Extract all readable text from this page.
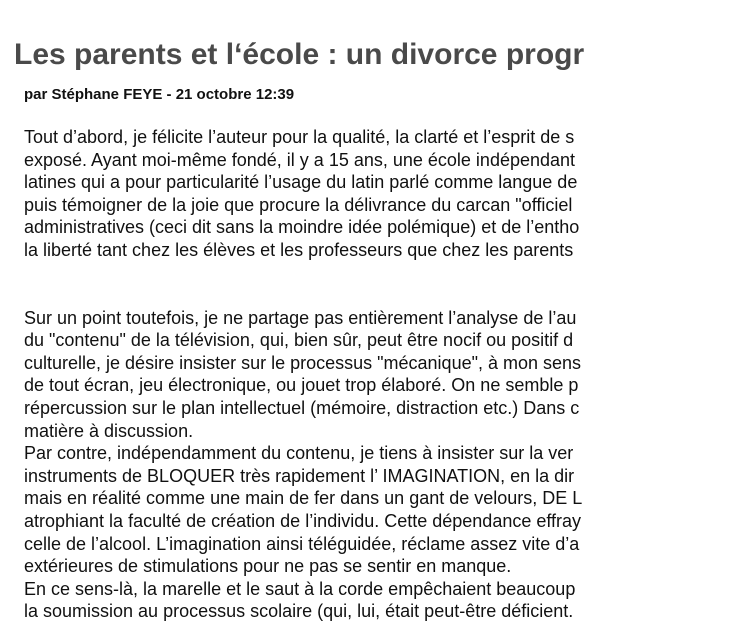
Les parents et l‘école : un divorce progr
par Stéphane FEYE - 21 octobre 12:39

Tout d’abord, je félicite l’auteur pour la qualité, la clarté et l’esprit de s
exposé. Ayant moi-même fondé, il y a 15 ans, une école indépendant
latines qui a pour particularité l’usage du latin parlé comme langue de
puis témoigner de la joie que procure la délivrance du carcan "officiel
administratives (ceci dit sans la moindre idée polémique) et de l’entho
la liberté tant chez les élèves et les professeurs que chez les parents

Sur un point toutefois, je ne partage pas entièrement l’analyse de l’au
du "contenu" de la télévision, qui, bien sûr, peut être nocif ou positif d
culturelle, je désire insister sur le processus "mécanique", à mon sens
de tout écran, jeu électronique, ou jouet trop élaboré. On ne semble p
répercussion sur le plan intellectuel (mémoire, distraction etc.) Dans c
matière à discussion.

Par contre, indépendamment du contenu, je tiens à insister sur la ver
instruments de BLOQUER très rapidement l’ IMAGINATION, en la dir
mais en réalité comme une main de fer dans un gant de velours, DE L
atrophiant la faculté de création de l’individu. Cette dépendance effray
celle de l’alcool. L’imagination ainsi téléguidée, réclame assez vite d’a
extérieures de stimulations pour ne pas se sentir en manque.

En ce sens-là, la marelle et le saut à la corde empêchaient beaucoup
la soumission au processus scolaire (qui, lui, était peut-être déficient.
